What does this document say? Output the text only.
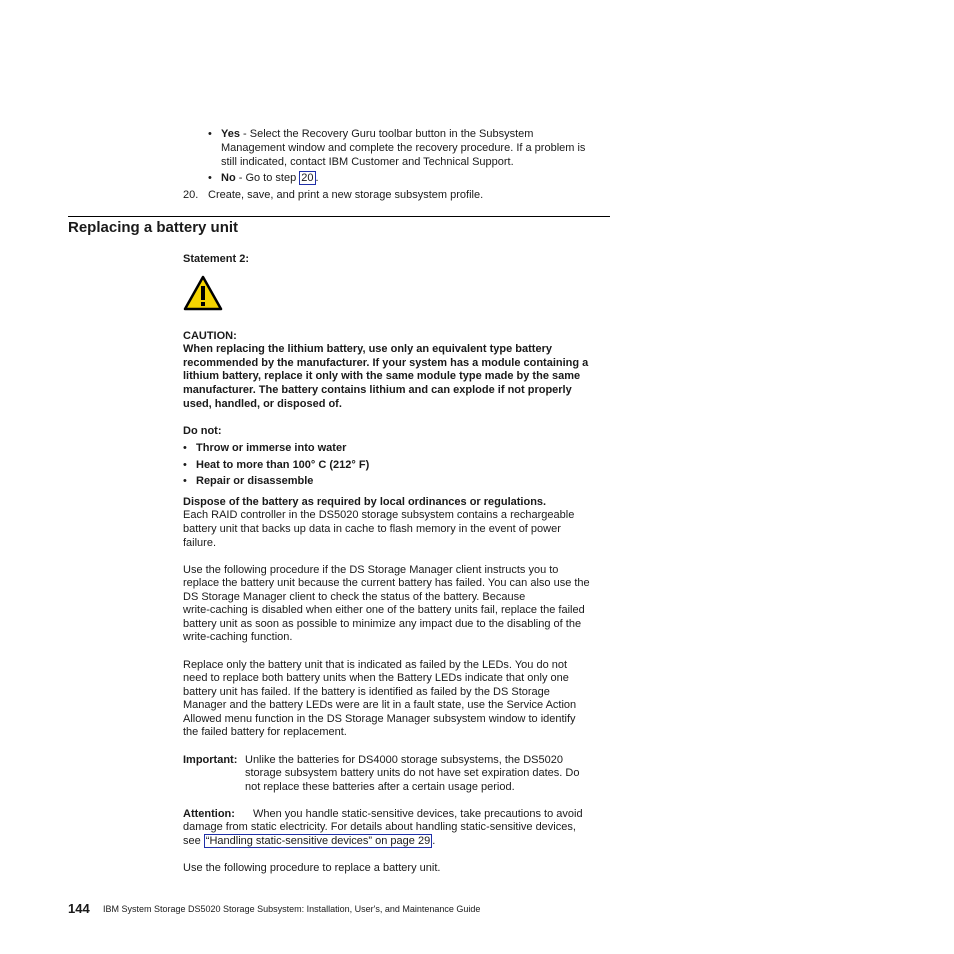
• Yes - Select the Recovery Guru toolbar button in the Subsystem
Management window and complete the recovery procedure. If a problem is
still indicated, contact IBM Customer and Technical Support.
• No - Go to step 20 .
20. Create, save, and print a new storage subsystem profile.
Replacing a battery unit
Statement 2:
CAUTION:
When replacing the lithium battery, use only an equivalent type battery
recommended by the manufacturer. If your system has a module containing a
lithium battery, replace it only with the same module type made by the same
manufacturer. The battery contains lithium and can explode if not properly
used, handled, or disposed of.
Do not:
• Throw or immerse into water
• Heat to more than 100° C (212° F)
• Repair or disassemble
Dispose of the battery as required by local ordinances or regulations.
Each RAID controller in the DS5020 storage subsystem contains a rechargeable
battery unit that backs up data in cache to flash memory in the event of power
failure.
Use the following procedure if the DS Storage Manager client instructs you to
replace the battery unit because the current battery has failed. You can also use the
DS Storage Manager client to check the status of the battery. Because
write-caching is disabled when either one of the battery units fail, replace the failed
battery unit as soon as possible to minimize any impact due to the disabling of the
write-caching function.
Replace only the battery unit that is indicated as failed by the LEDs. You do not
need to replace both battery units when the Battery LEDs indicate that only one
battery unit has failed. If the battery is identified as failed by the DS Storage
Manager and the battery LEDs were are lit in a fault state, use the Service Action
Allowed menu function in the DS Storage Manager subsystem window to identify
the failed battery for replacement.
Important: Unlike the batteries for DS4000 storage subsystems, the DS5020
storage subsystem battery units do not have set expiration dates. Do
not replace these batteries after a certain usage period.
Attention: When you handle static-sensitive devices, take precautions to avoid
damage from static electricity. For details about handling static-sensitive devices,
see “Handling static-sensitive devices” on page 29 .
Use the following procedure to replace a battery unit.
144 IBM System Storage DS5020 Storage Subsystem: Installation, User's, and Maintenance Guide
